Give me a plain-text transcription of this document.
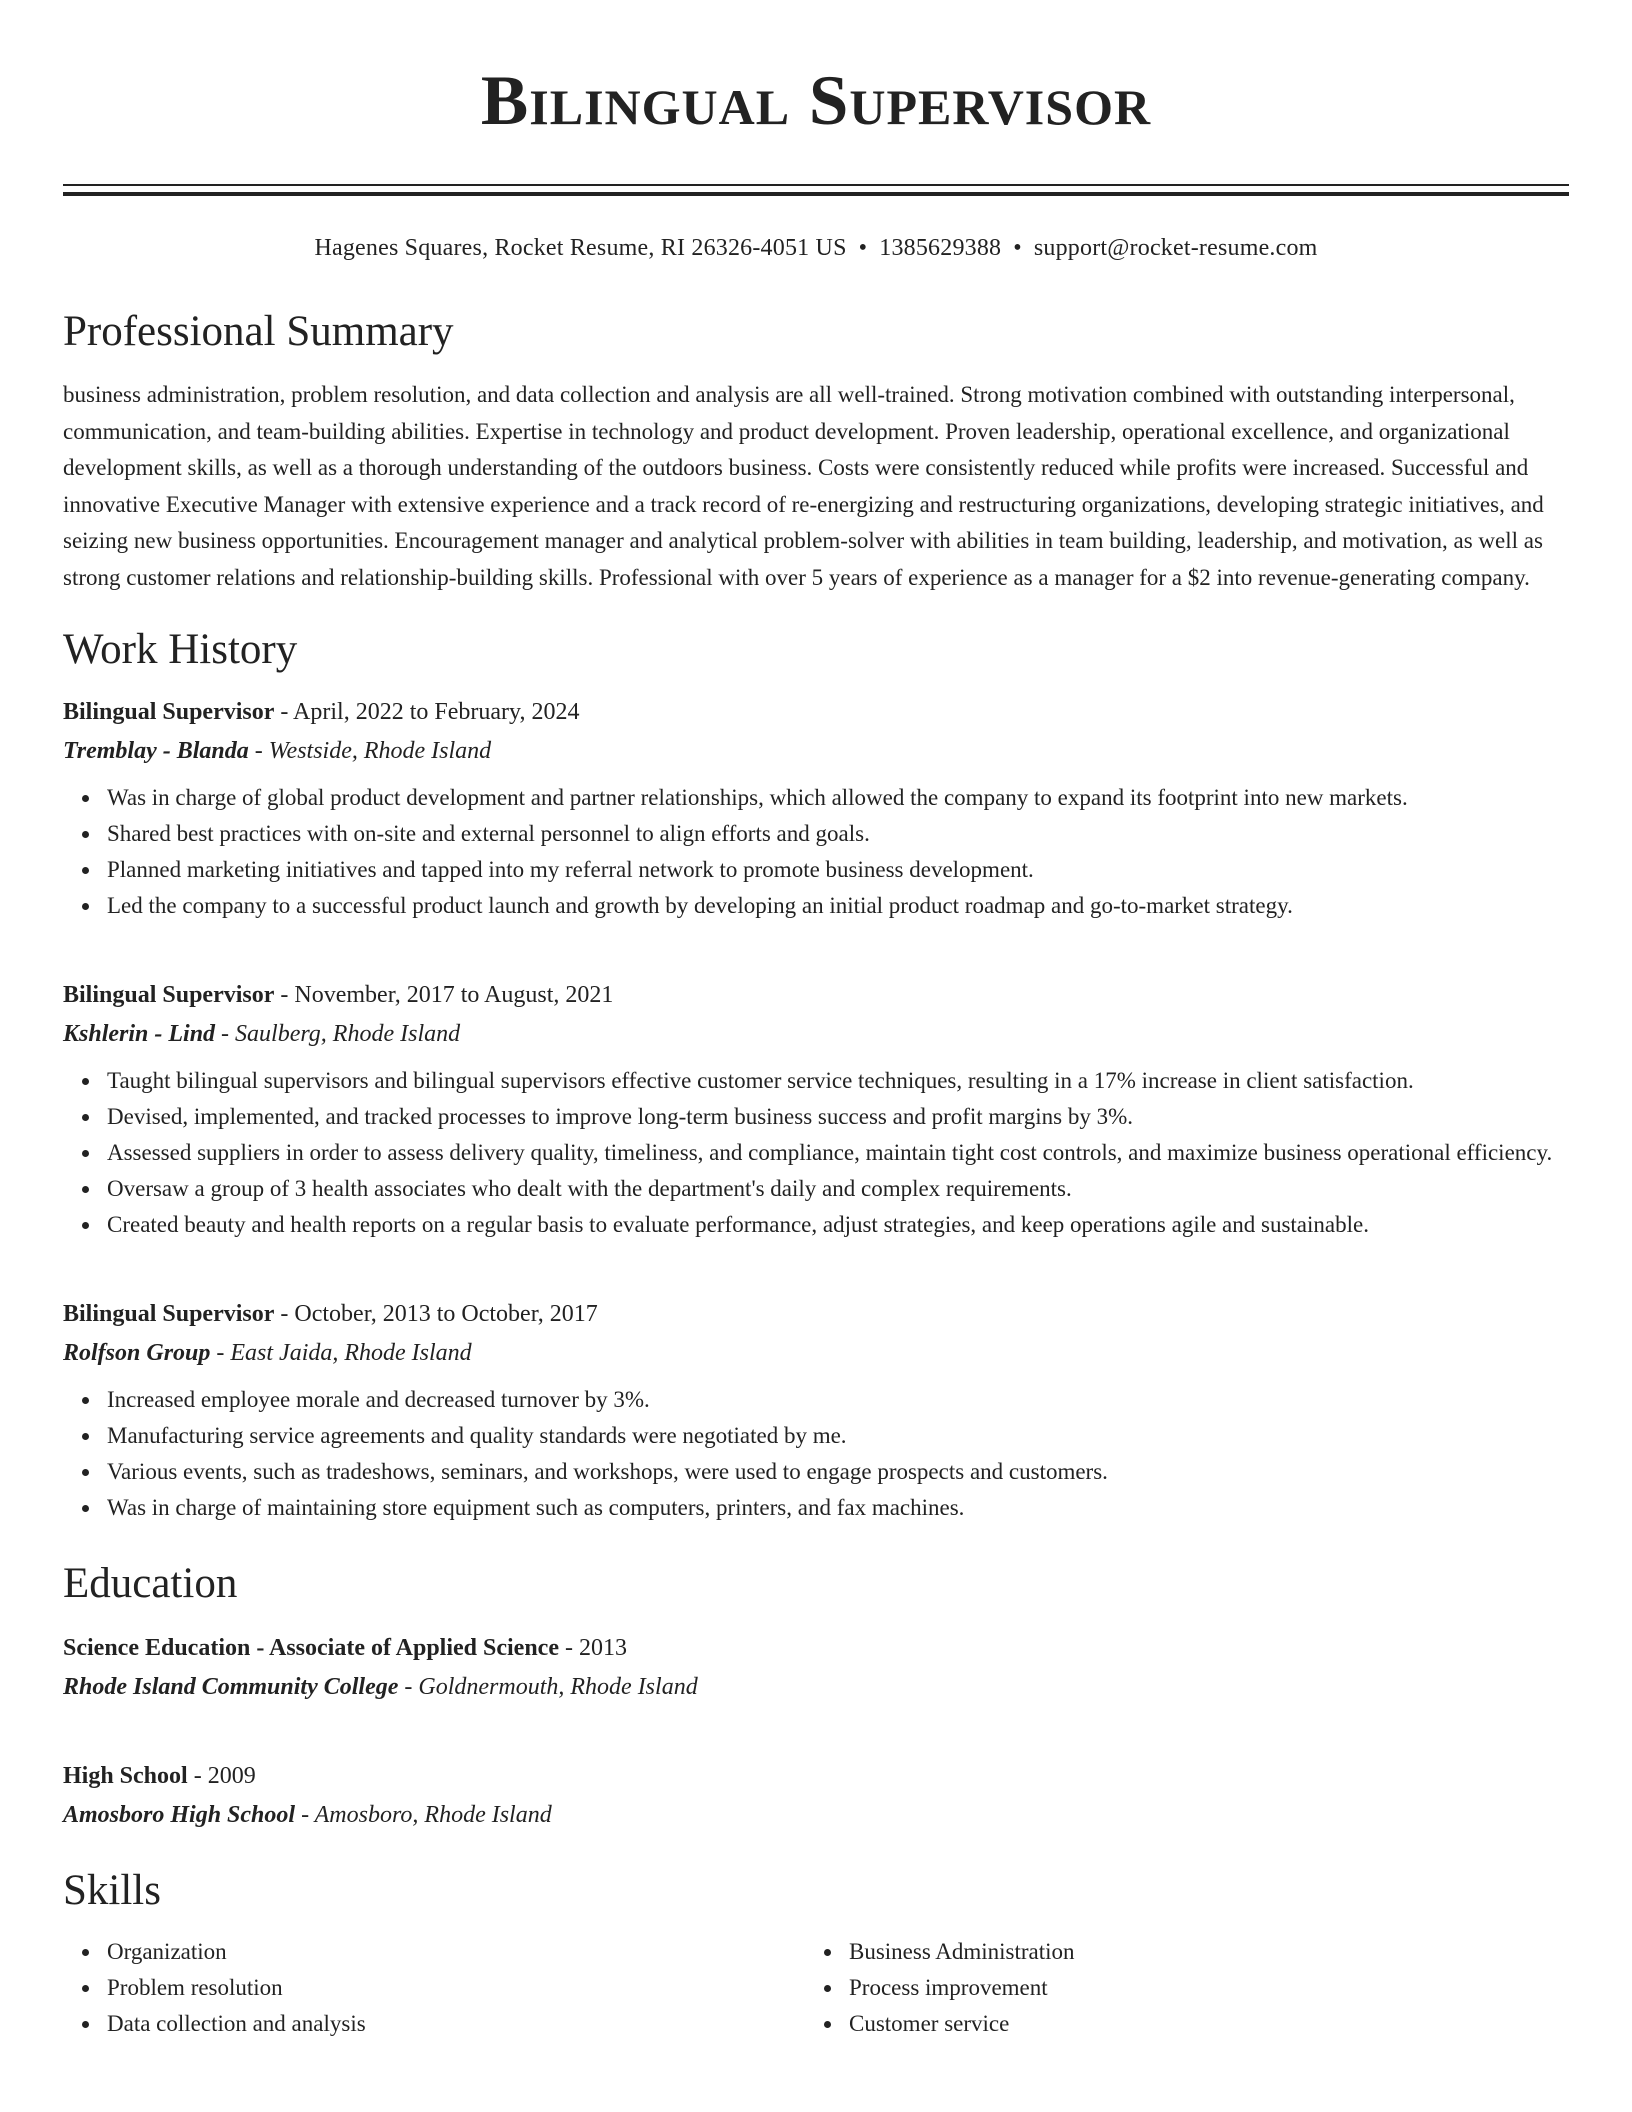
Bilingual Supervisor
Hagenes Squares, Rocket Resume, RI 26326-4051 US • 1385629388 • support@rocket-resume.com
Professional Summary

business administration, problem resolution, and data collection and analysis are all well-trained. Strong motivation combined with outstanding interpersonal, communication, and team-building abilities. Expertise in technology and product development. Proven leadership, operational excellence, and organizational development skills, as well as a thorough understanding of the outdoors business. Costs were consistently reduced while profits were increased. Successful and innovative Executive Manager with extensive experience and a track record of re-energizing and restructuring organizations, developing strategic initiatives, and seizing new business opportunities. Encouragement manager and analytical problem-solver with abilities in team building, leadership, and motivation, as well as strong customer relations and relationship-building skills. Professional with over 5 years of experience as a manager for a $2 into revenue-generating company.

Work History
Bilingual Supervisor - April, 2022 to February, 2024
Tremblay - Blanda - Westside, Rhode Island
Was in charge of global product development and partner relationships, which allowed the company to expand its footprint into new markets.
Shared best practices with on-site and external personnel to align efforts and goals.
Planned marketing initiatives and tapped into my referral network to promote business development.
Led the company to a successful product launch and growth by developing an initial product roadmap and go-to-market strategy.
Bilingual Supervisor - November, 2017 to August, 2021
Kshlerin - Lind - Saulberg, Rhode Island
Taught bilingual supervisors and bilingual supervisors effective customer service techniques, resulting in a 17% increase in client satisfaction.
Devised, implemented, and tracked processes to improve long-term business success and profit margins by 3%.
Assessed suppliers in order to assess delivery quality, timeliness, and compliance, maintain tight cost controls, and maximize business operational efficiency.
Oversaw a group of 3 health associates who dealt with the department's daily and complex requirements.
Created beauty and health reports on a regular basis to evaluate performance, adjust strategies, and keep operations agile and sustainable.
Bilingual Supervisor - October, 2013 to October, 2017
Rolfson Group - East Jaida, Rhode Island
Increased employee morale and decreased turnover by 3%.
Manufacturing service agreements and quality standards were negotiated by me.
Various events, such as tradeshows, seminars, and workshops, were used to engage prospects and customers.
Was in charge of maintaining store equipment such as computers, printers, and fax machines.
Education
Science Education - Associate of Applied Science - 2013
Rhode Island Community College - Goldnermouth, Rhode Island
High School - 2009
Amosboro High School - Amosboro, Rhode Island
Skills
Organization
Problem resolution
Data collection and analysis
Business Administration
Process improvement
Customer service
